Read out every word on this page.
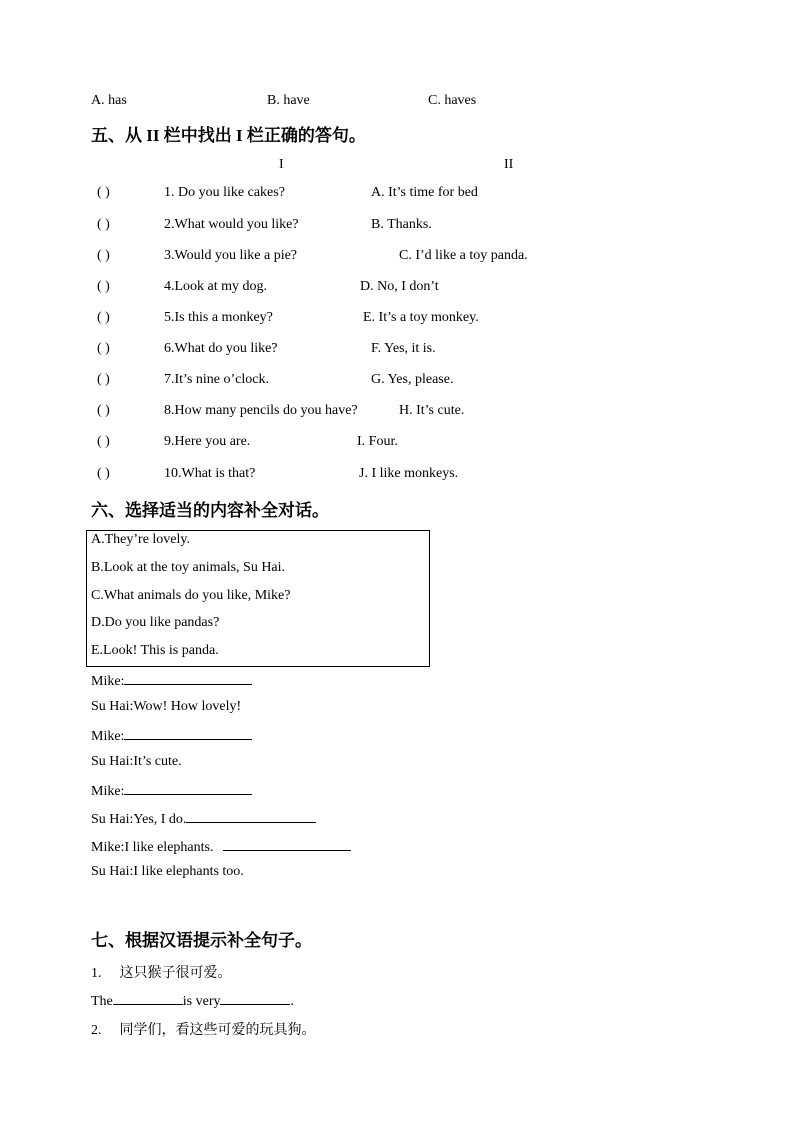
A. has	B. have	C. haves
五、从 II 栏中找出 I 栏正确的答句。
I	II
( )	1. Do you like cakes?	A. It’s time for bed
( )	2.What would you like?	B. Thanks.
( )	3.Would you like a pie?	C. I’d like a toy panda.
( )	4.Look at my dog.	D. No, I don’t
( )	5.Is this a monkey?	E. It’s a toy monkey.
( )	6.What do you like?	F. Yes, it is.
( )	7.It’s nine o’clock.	G. Yes, please.
( )	8.How many pencils do you have?	H. It’s cute.
( )	9.Here you are.	I. Four.
( )	10.What is that?	J. I like monkeys.
六、选择适当的内容补全对话。
A.They’re lovely.
B.Look at the toy animals, Su Hai.
C.What animals do you like, Mike?
D.Do you like pandas?
E.Look! This is panda.
Mike:
Su Hai:Wow! How lovely!
Mike:
Su Hai:It’s cute.
Mike:
Su Hai:Yes, I do.
Mike:I like elephants.
Su Hai:I like elephants too.
七、根据汉语提示补全句子。
1. 这只猴子很可爱。
The	is very	.
2. 同学们，看这些可爱的玩具狗。
